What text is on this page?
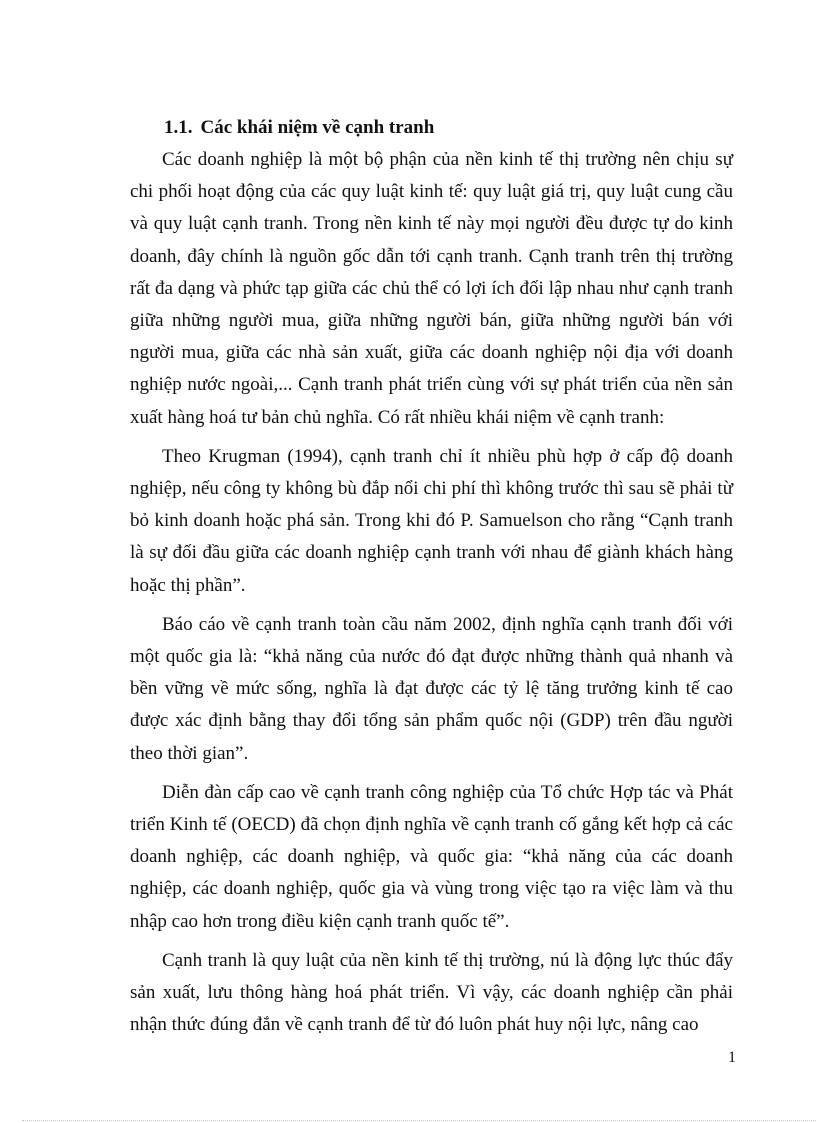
1.1. Các khái niệm về cạnh tranh

Các doanh nghiệp là một bộ phận của nền kinh tế thị trường nên chịu sự chi phối hoạt động của các quy luật kinh tế: quy luật giá trị, quy luật cung cầu và quy luật cạnh tranh. Trong nền kinh tế này mọi người đều được tự do kinh doanh, đây chính là nguồn gốc dẫn tới cạnh tranh. Cạnh tranh trên thị trường rất đa dạng và phức tạp giữa các chủ thể có lợi ích đối lập nhau như cạnh tranh giữa những người mua, giữa những người bán, giữa những người bán với người mua, giữa các nhà sản xuất, giữa các doanh nghiệp nội địa với doanh nghiệp nước ngoài,... Cạnh tranh phát triển cùng với sự phát triển của nền sản xuất hàng hoá tư bản chủ nghĩa. Có rất nhiều khái niệm về cạnh tranh:

Theo Krugman (1994), cạnh tranh chỉ ít nhiều phù hợp ở cấp độ doanh nghiệp, nếu công ty không bù đắp nổi chi phí thì không trước thì sau sẽ phải từ bỏ kinh doanh hoặc phá sản. Trong khi đó P. Samuelson cho rằng “Cạnh tranh là sự đối đầu giữa các doanh nghiệp cạnh tranh với nhau để giành khách hàng hoặc thị phần”.

Báo cáo về cạnh tranh toàn cầu năm 2002, định nghĩa cạnh tranh đối với một quốc gia là: “khả năng của nước đó đạt được những thành quả nhanh và bền vững về mức sống, nghĩa là đạt được các tỷ lệ tăng trưởng kinh tế cao được xác định bằng thay đổi tổng sản phẩm quốc nội (GDP) trên đầu người theo thời gian”.

Diễn đàn cấp cao về cạnh tranh công nghiệp của Tổ chức Hợp tác và Phát triển Kinh tế (OECD) đã chọn định nghĩa về cạnh tranh cố gắng kết hợp cả các doanh nghiệp, các doanh nghiệp, và quốc gia: “khả năng của các doanh nghiệp, các doanh nghiệp, quốc gia và vùng trong việc tạo ra việc làm và thu nhập cao hơn trong điều kiện cạnh tranh quốc tế”.

Cạnh tranh là quy luật của nền kinh tế thị trường, nú là động lực thúc đẩy sản xuất, lưu thông hàng hoá phát triển. Vì vậy, các doanh nghiệp cần phải nhận thức đúng đắn về cạnh tranh để từ đó luôn phát huy nội lực, nâng cao

1
